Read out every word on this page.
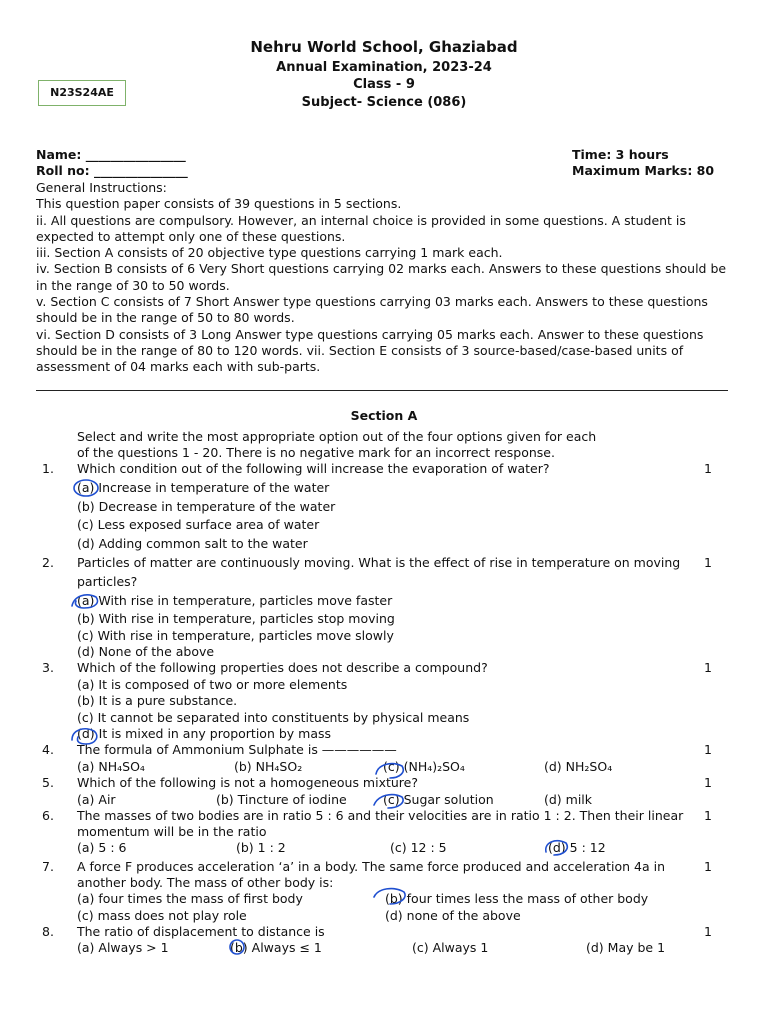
Nehru World School, Ghaziabad
Annual Examination, 2023-24
Class - 9
Subject- Science (086)
N23S24AE
Name: ________________
Roll no: _______________
Time: 3 hours
Maximum Marks: 80
General Instructions:
This question paper consists of 39 questions in 5 sections.
ii. All questions are compulsory. However, an internal choice is provided in some questions. A student is expected to attempt only one of these questions.
iii. Section A consists of 20 objective type questions carrying 1 mark each.
iv. Section B consists of 6 Very Short questions carrying 02 marks each. Answers to these questions should be in the range of 30 to 50 words.
v. Section C consists of 7 Short Answer type questions carrying 03 marks each. Answers to these questions should be in the range of 50 to 80 words.
vi. Section D consists of 3 Long Answer type questions carrying 05 marks each. Answer to these questions should be in the range of 80 to 120 words. vii. Section E consists of 3 source-based/case-based units of assessment of 04 marks each with sub-parts.
Section A
Select and write the most appropriate option out of the four options given for each
of the questions 1 - 20. There is no negative mark for an incorrect response.
1. Which condition out of the following will increase the evaporation of water?	1
(a) Increase in temperature of the water
(b) Decrease in temperature of the water
(c) Less exposed surface area of water
(d) Adding common salt to the water
2. Particles of matter are continuously moving. What is the effect of rise in temperature on moving 1
particles?
(a) With rise in temperature, particles move faster
(b) With rise in temperature, particles stop moving
(c) With rise in temperature, particles move slowly
(d) None of the above
3. Which of the following properties does not describe a compound?	1
(a) It is composed of two or more elements
(b) It is a pure substance.
(c) It cannot be separated into constituents by physical means
(d) It is mixed in any proportion by mass
4. The formula of Ammonium Sulphate is ——————	1
(a) NH₄SO₄	(b) NH₄SO₂	(c) (NH₄)₂SO₄	(d) NH₂SO₄
5. Which of the following is not a homogeneous mixture?	1
(a) Air	(b) Tincture of iodine	(c) Sugar solution	(d) milk
6. The masses of two bodies are in ratio 5 : 6 and their velocities are in ratio 1 : 2. Then their linear 1
momentum will be in the ratio
(a) 5 : 6	(b) 1 : 2	(c) 12 : 5	(d) 5 : 12
7. A force F produces acceleration ‘a’ in a body. The same force produced and acceleration 4a in	1
another body. The mass of other body is:
(a) four times the mass of first body	(b) four times less the mass of other body
(c) mass does not play role	(d) none of the above
8. The ratio of displacement to distance is	1
(a) Always > 1	(b) Always ≤ 1	(c) Always 1	(d) May be 1
